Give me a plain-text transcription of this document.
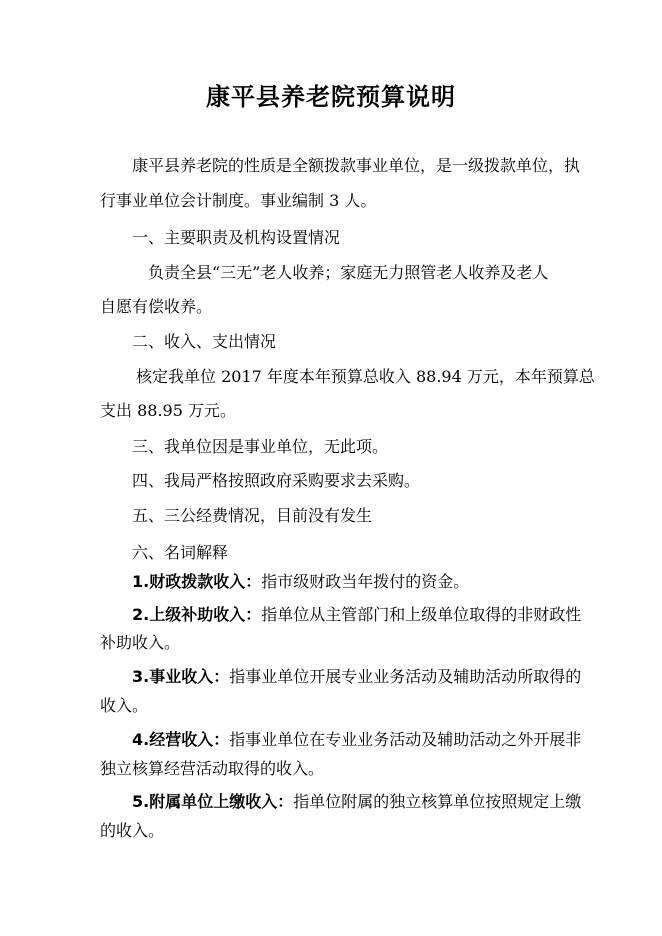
康平县养老院预算说明

康平县养老院的性质是全额拨款事业单位，是一级拨款单位，执

行事业单位会计制度。事业编制 3 人。

一、主要职责及机构设置情况

负责全县“三无”老人收养；家庭无力照管老人收养及老人

自愿有偿收养。

二、收入、支出情况

核定我单位 2017 年度本年预算总收入 88.94 万元，本年预算总

支出 88.95 万元。

三、我单位因是事业单位，无此项。

四、我局严格按照政府采购要求去采购。

五、三公经费情况，目前没有发生

六、名词解释

1.财政拨款收入：指市级财政当年拨付的资金。

2.上级补助收入：指单位从主管部门和上级单位取得的非财政性

补助收入。

3.事业收入：指事业单位开展专业业务活动及辅助活动所取得的

收入。

4.经营收入：指事业单位在专业业务活动及辅助活动之外开展非

独立核算经营活动取得的收入。

5.附属单位上缴收入：指单位附属的独立核算单位按照规定上缴

的收入。
